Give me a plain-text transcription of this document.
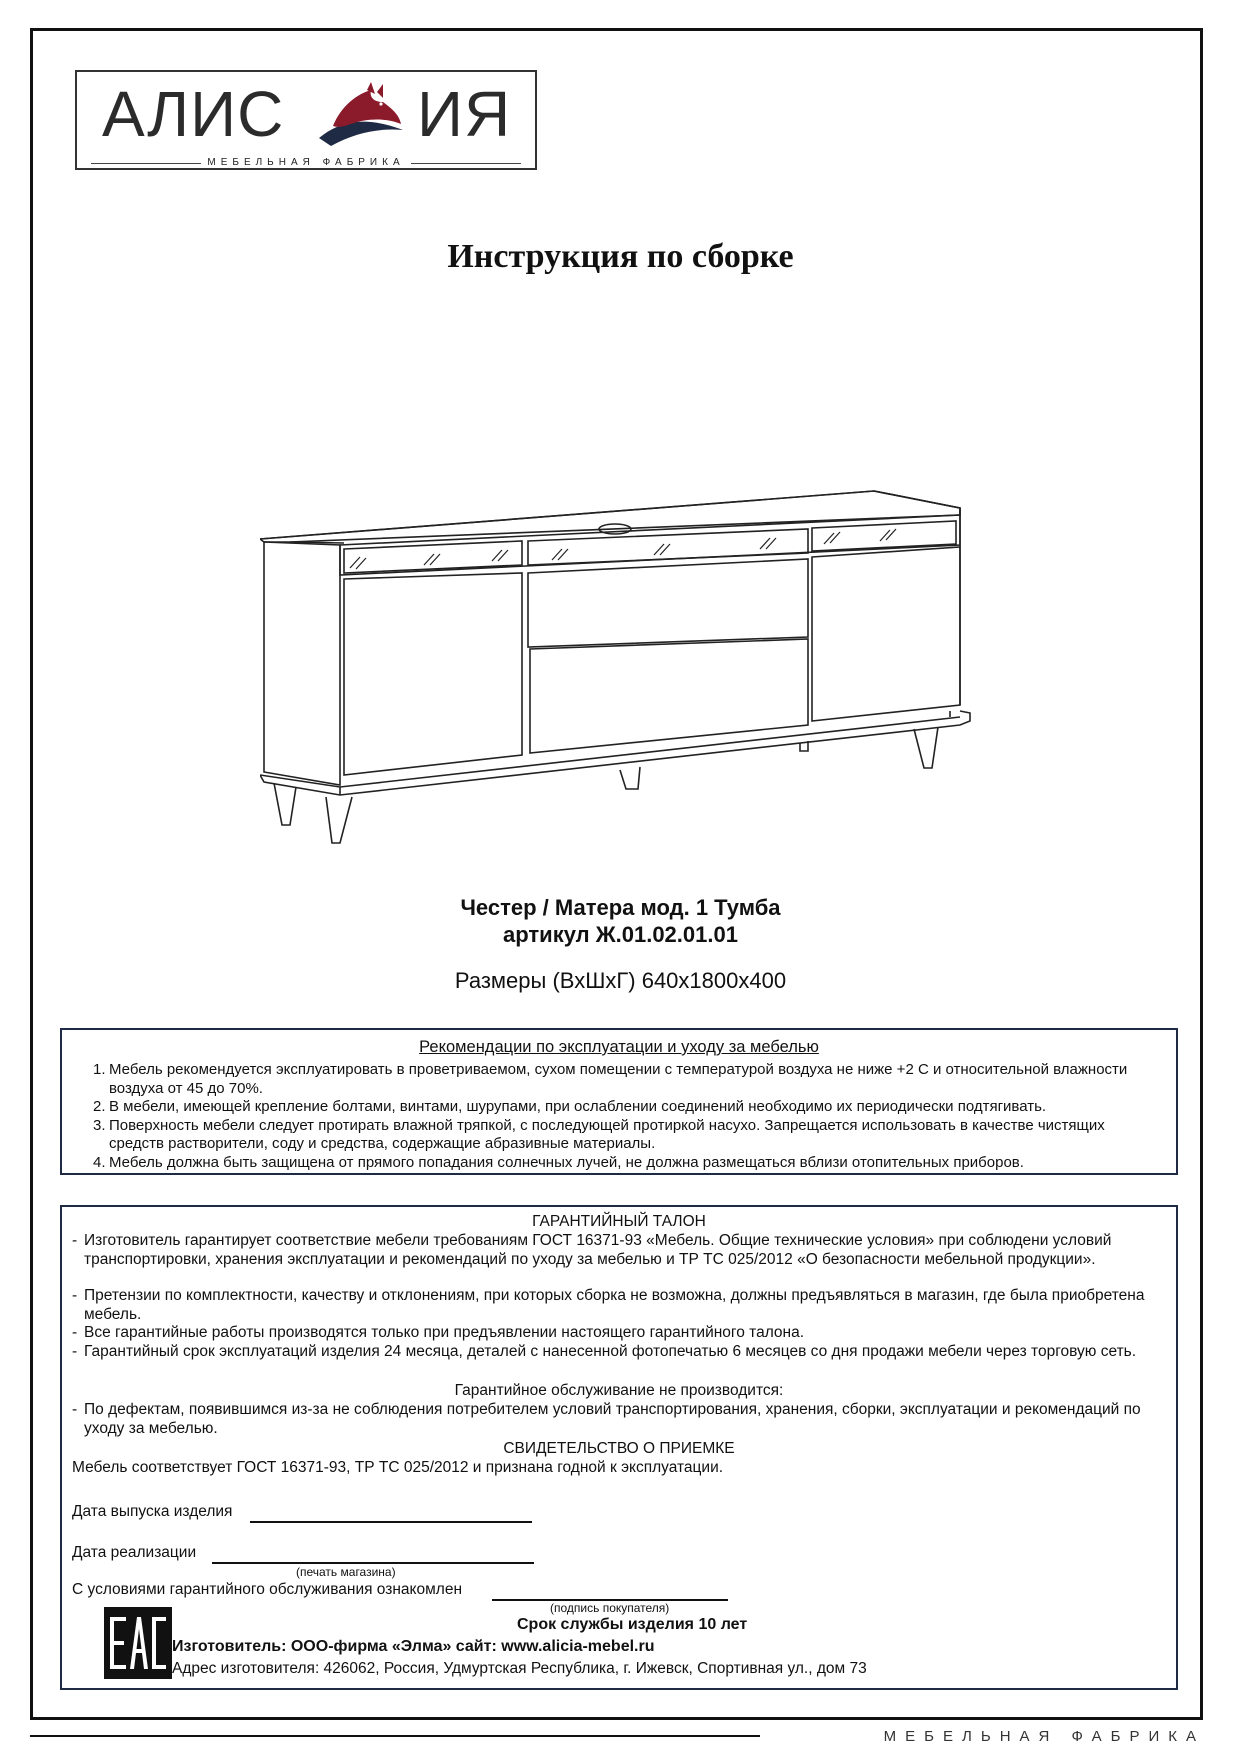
АЛИС ИЯ
МЕБЕЛЬНАЯ ФАБРИКА
Инструкция по сборке
Честер / Матера мод. 1 Тумба
артикул Ж.01.02.01.01
Размеры (ВхШхГ) 640х1800х400
Рекомендации по эксплуатации и уходу за мебелью
1. Мебель рекомендуется эксплуатировать в проветриваемом, сухом помещении с температурой воздуха не ниже +2 С и относительной влажности воздуха от 45 до 70%.
2. В мебели, имеющей крепление болтами, винтами, шурупами, при ослаблении соединений необходимо их периодически подтягивать.
3. Поверхность мебели следует протирать влажной тряпкой, с последующей протиркой насухо. Запрещается использовать в качестве чистящих средств растворители, соду и средства, содержащие абразивные материалы.
4. Мебель должна быть защищена от прямого попадания солнечных лучей, не должна размещаться вблизи отопительных приборов.
ГАРАНТИЙНЫЙ ТАЛОН
- Изготовитель гарантирует соответствие мебели требованиям ГОСТ 16371-93 «Мебель. Общие технические условия» при соблюдени условий транспортировки, хранения эксплуатации и рекомендаций по уходу за мебелью и ТР ТС 025/2012 «О безопасности мебельной продукции».
- Претензии по комплектности, качеству и отклонениям, при которых сборка не возможна, должны предъявляться в магазин, где была приобретена мебель.
- Все гарантийные работы производятся только при предъявлении настоящего гарантийного талона.
- Гарантийный срок эксплуатаций изделия 24 месяца, деталей с нанесенной фотопечатью 6 месяцев со дня продажи мебели через торговую сеть.
Гарантийное обслуживание не производится:
- По дефектам, появившимся из-за не соблюдения потребителем условий транспортирования, хранения, сборки, эксплуатации и рекомендаций по уходу за мебелью.
СВИДЕТЕЛЬСТВО О ПРИЕМКЕ
Мебель соответствует ГОСТ 16371-93, ТР ТС 025/2012 и признана годной к эксплуатации.
Дата выпуска изделия
Дата реализации
(печать магазина)
С условиями гарантийного обслуживания ознакомлен
(подпись покупателя)
Срок службы изделия 10 лет
Изготовитель: ООО-фирма «Элма» сайт: www.alicia-mebel.ru
Адрес изготовителя: 426062, Россия, Удмуртская Республика, г. Ижевск, Спортивная ул., дом 73
МЕБЕЛЬНАЯ ФАБРИКА
